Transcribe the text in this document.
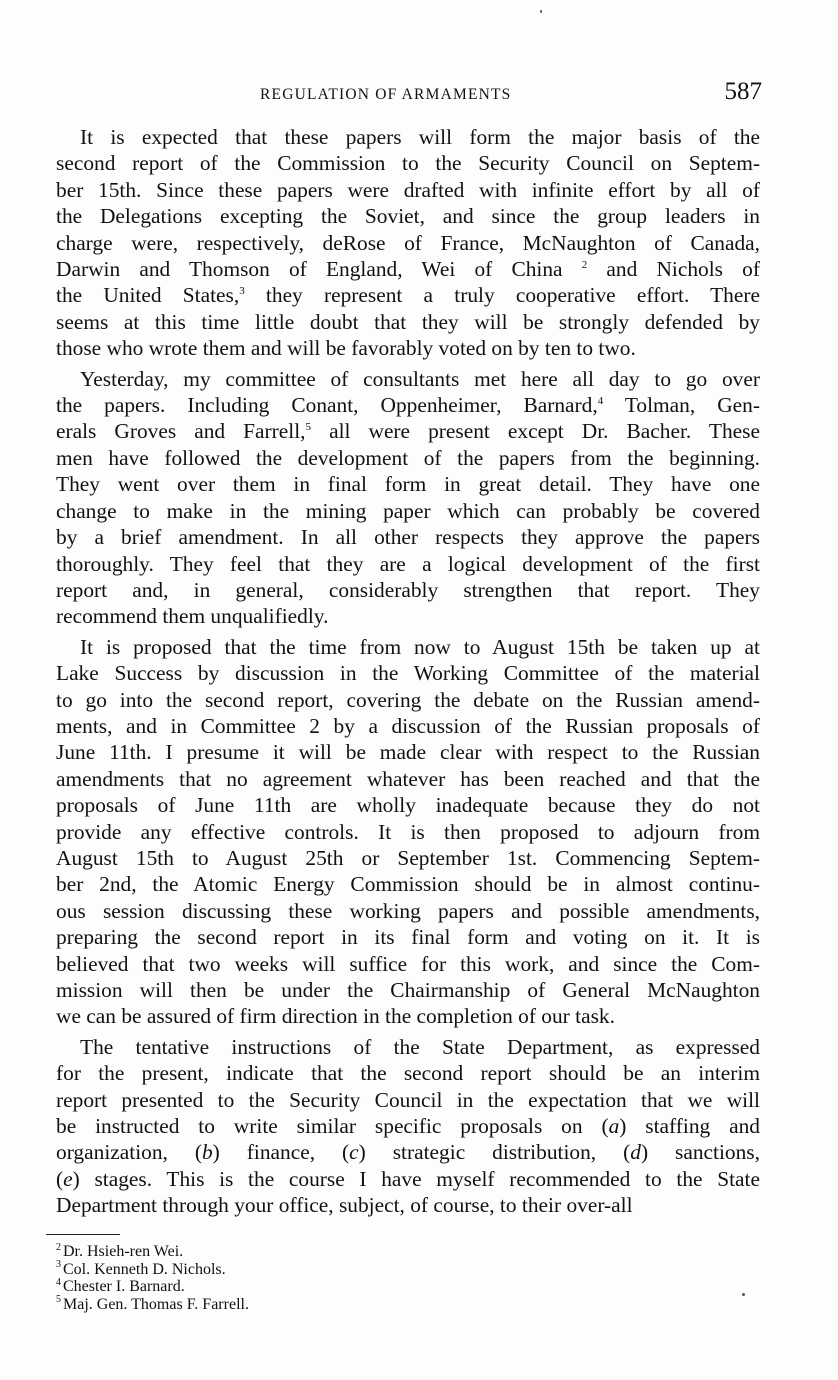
REGULATION OF ARMAMENTS	587

It is expected that these papers will form the major basis of the
second report of the Commission to the Security Council on Septem-
ber 15th. Since these papers were drafted with infinite effort by all of
the Delegations excepting the Soviet, and since the group leaders in
charge were, respectively, deRose of France, McNaughton of Canada,
Darwin and Thomson of England, Wei of China $^2$ and Nichols of
the United States,$^3$ they represent a truly cooperative effort. There
seems at this time little doubt that they will be strongly defended by
those who wrote them and will be favorably voted on by ten to two.

Yesterday, my committee of consultants met here all day to go over
the papers. Including Conant, Oppenheimer, Barnard,$^4$ Tolman, Gen-
erals Groves and Farrell,$^5$ all were present except Dr. Bacher. These
men have followed the development of the papers from the beginning.
They went over them in final form in great detail. They have one
change to make in the mining paper which can probably be covered
by a brief amendment. In all other respects they approve the papers
thoroughly. They feel that they are a logical development of the first
report and, in general, considerably strengthen that report. They
recommend them unqualifiedly.

It is proposed that the time from now to August 15th be taken up at
Lake Success by discussion in the Working Committee of the material
to go into the second report, covering the debate on the Russian amend-
ments, and in Committee 2 by a discussion of the Russian proposals of
June 11th. I presume it will be made clear with respect to the Russian
amendments that no agreement whatever has been reached and that the
proposals of June 11th are wholly inadequate because they do not
provide any effective controls. It is then proposed to adjourn from
August 15th to August 25th or September 1st. Commencing Septem-
ber 2nd, the Atomic Energy Commission should be in almost continu-
ous session discussing these working papers and possible amendments,
preparing the second report in its final form and voting on it. It is
believed that two weeks will suffice for this work, and since the Com-
mission will then be under the Chairmanship of General McNaughton
we can be assured of firm direction in the completion of our task.

The tentative instructions of the State Department, as expressed
for the present, indicate that the second report should be an interim
report presented to the Security Council in the expectation that we will
be instructed to write similar specific proposals on (a) staffing and
organization, (b) finance, (c) strategic distribution, (d) sanctions,
(e) stages. This is the course I have myself recommended to the State
Department through your office, subject, of course, to their over-all

$^2$ Dr. Hsieh-ren Wei.
$^3$ Col. Kenneth D. Nichols.
$^4$ Chester I. Barnard.
$^5$ Maj. Gen. Thomas F. Farrell.
